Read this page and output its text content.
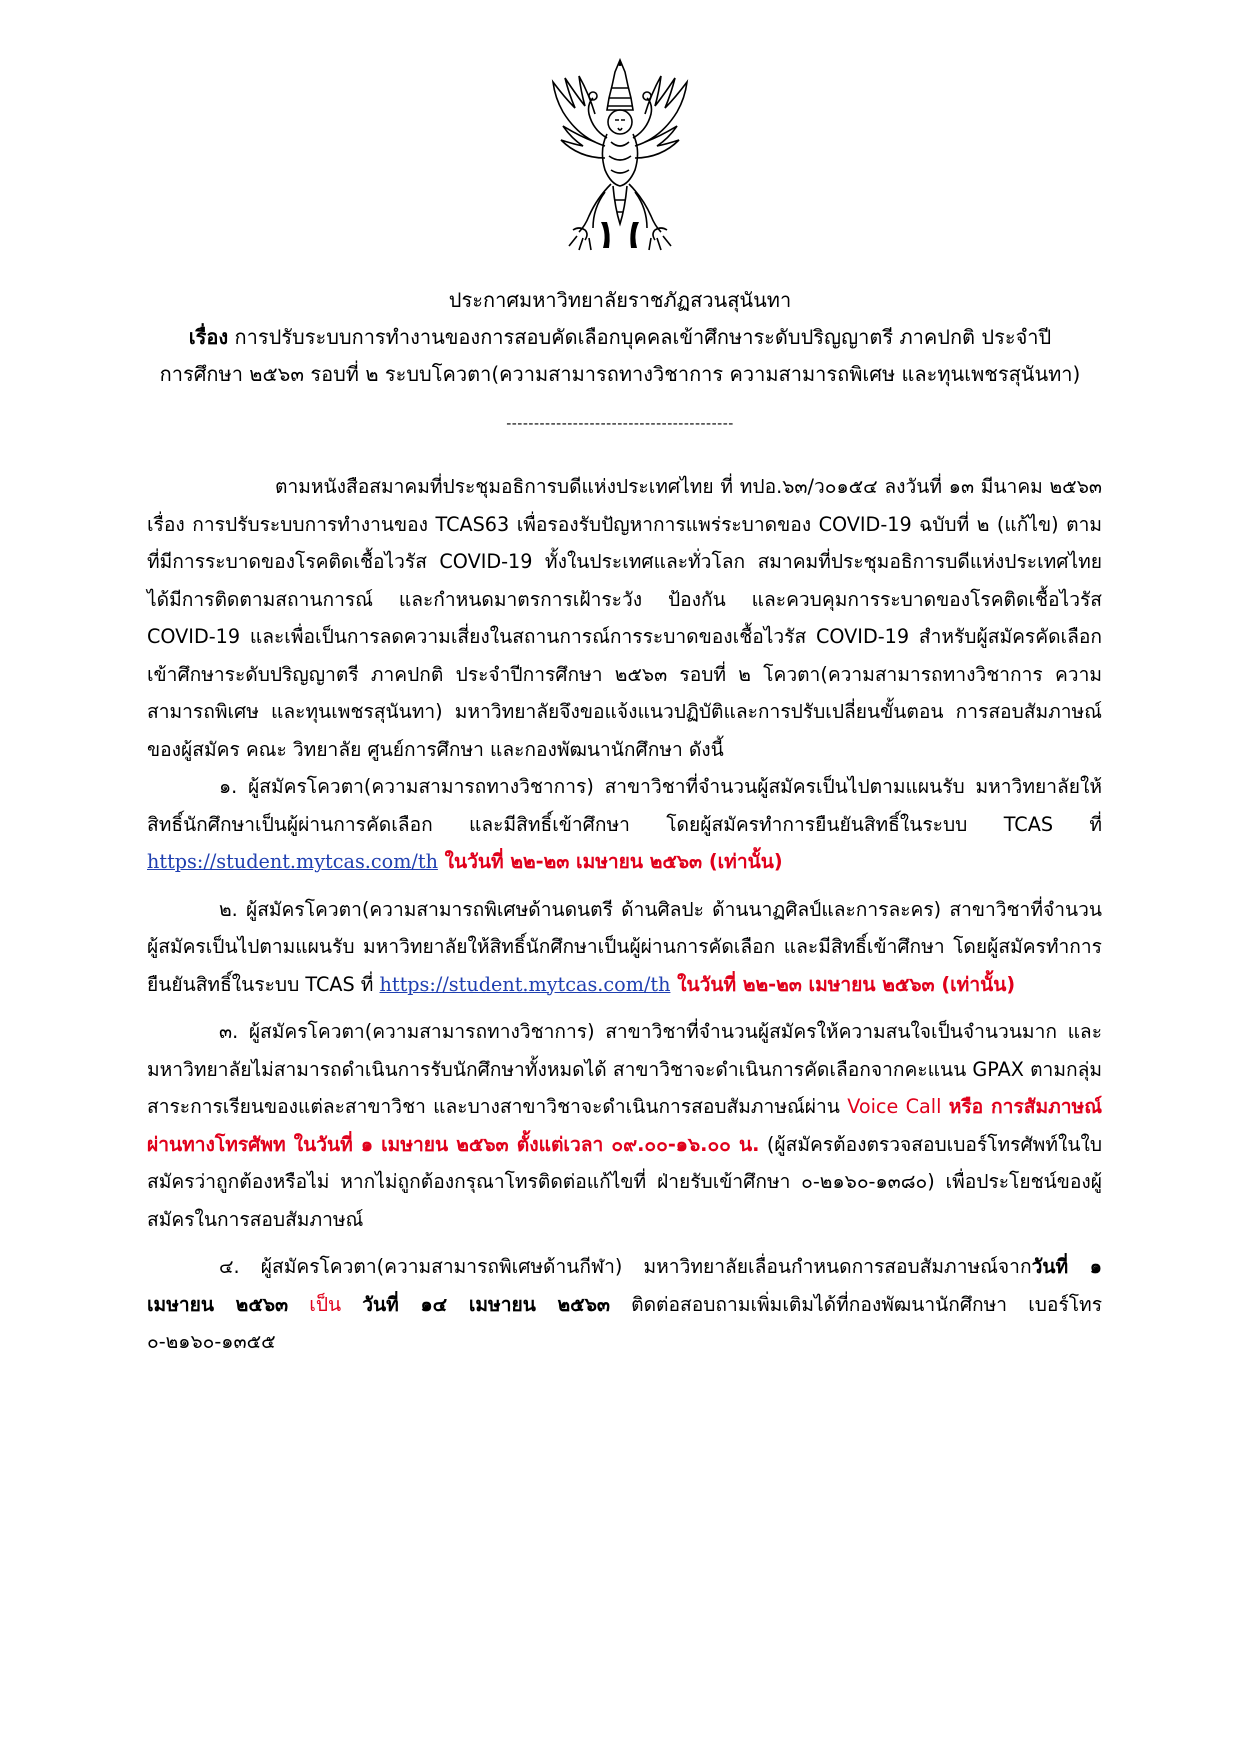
ประกาศมหาวิทยาลัยราชภัฏสวนสุนันทา
เรื่อง การปรับระบบการทำงานของการสอบคัดเลือกบุคคลเข้าศึกษาระดับปริญญาตรี ภาคปกติ ประจำปี
การศึกษา ๒๕๖๓ รอบที่ ๒ ระบบโควตา(ความสามารถทางวิชาการ ความสามารถพิเศษ และทุนเพชรสุนันทา)
-----------------------------------------

ตามหนังสือสมาคมที่ประชุมอธิการบดีแห่งประเทศไทย ที่ ทปอ.๖๓/ว๐๑๕๔ ลงวันที่ ๑๓ มีนาคม ๒๕๖๓ เรื่อง การปรับระบบการทำงานของ TCAS63 เพื่อรองรับปัญหาการแพร่ระบาดของ COVID-19 ฉบับที่ ๒ (แก้ไข) ตามที่มีการระบาดของโรคติดเชื้อไวรัส COVID-19 ทั้งในประเทศและทั่วโลก สมาคมที่ประชุมอธิการบดีแห่งประเทศไทย ได้มีการติดตามสถานการณ์ และกำหนดมาตรการเฝ้าระวัง ป้องกัน และควบคุมการระบาดของโรคติดเชื้อไวรัส COVID-19 และเพื่อเป็นการลดความเสี่ยงในสถานการณ์การระบาดของเชื้อไวรัส COVID-19 สำหรับผู้สมัครคัดเลือกเข้าศึกษาระดับปริญญาตรี ภาคปกติ ประจำปีการศึกษา ๒๕๖๓ รอบที่ ๒ โควตา(ความสามารถทางวิชาการ ความสามารถพิเศษ และทุนเพชรสุนันทา) มหาวิทยาลัยจึงขอแจ้งแนวปฏิบัติและการปรับเปลี่ยนขั้นตอน การสอบสัมภาษณ์ของผู้สมัคร คณะ วิทยาลัย ศูนย์การศึกษา และกองพัฒนานักศึกษา ดังนี้

๑. ผู้สมัครโควตา(ความสามารถทางวิชาการ) สาขาวิชาที่จำนวนผู้สมัครเป็นไปตามแผนรับ มหาวิทยาลัยให้สิทธิ์นักศึกษาเป็นผู้ผ่านการคัดเลือก และมีสิทธิ์เข้าศึกษา โดยผู้สมัครทำการยืนยันสิทธิ์ในระบบ TCAS ที่ https://student.mytcas.com/th ในวันที่ ๒๒-๒๓ เมษายน ๒๕๖๓ (เท่านั้น)

๒. ผู้สมัครโควตา(ความสามารถพิเศษด้านดนตรี ด้านศิลปะ ด้านนาฏศิลป์และการละคร) สาขาวิชาที่จำนวนผู้สมัครเป็นไปตามแผนรับ มหาวิทยาลัยให้สิทธิ์นักศึกษาเป็นผู้ผ่านการคัดเลือก และมีสิทธิ์เข้าศึกษา โดยผู้สมัครทำการยืนยันสิทธิ์ในระบบ TCAS ที่ https://student.mytcas.com/th ในวันที่ ๒๒-๒๓ เมษายน ๒๕๖๓ (เท่านั้น)

๓. ผู้สมัครโควตา(ความสามารถทางวิชาการ) สาขาวิชาที่จำนวนผู้สมัครให้ความสนใจเป็นจำนวนมาก และมหาวิทยาลัยไม่สามารถดำเนินการรับนักศึกษาทั้งหมดได้ สาขาวิชาจะดำเนินการคัดเลือกจากคะแนน GPAX ตามกลุ่มสาระการเรียนของแต่ละสาขาวิชา และบางสาขาวิชาจะดำเนินการสอบสัมภาษณ์ผ่าน Voice Call หรือ การสัมภาษณ์ผ่านทางโทรศัพท ในวันที่ ๑ เมษายน ๒๕๖๓ ตั้งแต่เวลา ๐๙.๐๐-๑๖.๐๐ น. (ผู้สมัครต้องตรวจสอบเบอร์โทรศัพท์ในใบสมัครว่าถูกต้องหรือไม่ หากไม่ถูกต้องกรุณาโทรติดต่อแก้ไขที่ ฝ่ายรับเข้าศึกษา ๐-๒๑๖๐-๑๓๘๐) เพื่อประโยชน์ของผู้สมัครในการสอบสัมภาษณ์

๔. ผู้สมัครโควตา(ความสามารถพิเศษด้านกีฬา) มหาวิทยาลัยเลื่อนกำหนดการสอบสัมภาษณ์จากวันที่ ๑ เมษายน ๒๕๖๓ เป็น วันที่ ๑๔ เมษายน ๒๕๖๓ ติดต่อสอบถามเพิ่มเติมได้ที่กองพัฒนานักศึกษา เบอร์โทร ๐-๒๑๖๐-๑๓๕๕
